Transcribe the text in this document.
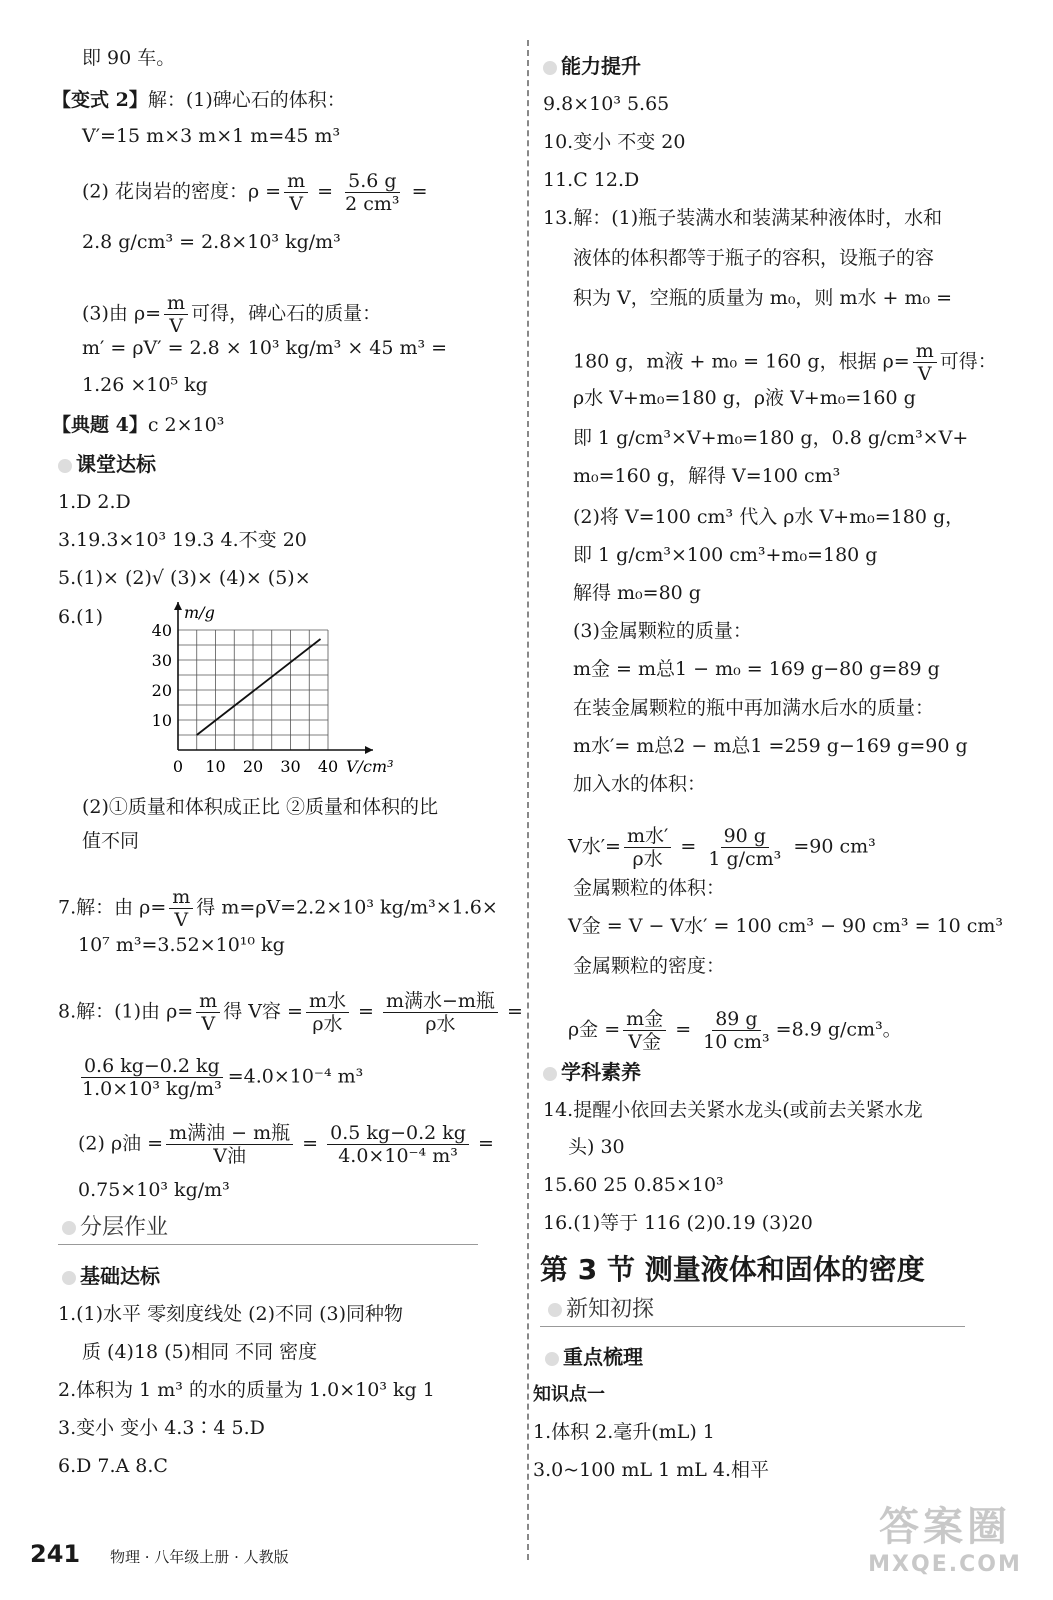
即 90 车。
【变式 2】解：(1)碑心石的体积：
V′=15 m×3 m×1 m=45 m³
(2) 花岗岩的密度：$\rho = \frac{m}{V} = \frac{5.6 g}{\text{2 cm³}}$ =
2.8 g/cm³ = 2.8×10³ kg/m³
(3)由 $\rho= \frac{m}{V}$ 可得，碑心石的质量：
m′ = ρV′ = 2.8 × 10³ kg/m³ × 45 m³ =
1.26 ×10⁵ kg
【典题 4】c 2×10³
课堂达标
1.D 2.D
3.19.3×10³ 19.3 4.不变 20
5.(1)× (2)√ (3)× (4)× (5)×
6.(1)
0 10 20 30 40
10
20
30
40
m/g
V/cm³
(2)①质量和体积成正比 ②质量和体积的比
值不同
7.解：由 $\rho= \frac{m}{V}$ 得 m=ρV=2.2×10³ kg/m³×1.6×
10⁷ m³=3.52×10¹⁰ kg
8.解：(1)由 $\rho= \frac{m}{V}$ 得 V容 = $\frac{\text{m水}}{\text{ρ水}} = \frac{\text{m满水−m瓶}}{\text{ρ水}}$ =
$\frac{0.6 kg-0.2 kg}{\text{1.0×10³ kg/m³}} =4.0\times 10^{-4}$ m³
(2) ρ油 = $\frac{\text{m满油 − m瓶}}{\text{V油}} = \frac{0.5 kg-0.2 kg}{\text{4.0×10⁻⁴ m³}}$ =
0.75×10³ kg/m³
分层作业
基础达标
1.(1)水平 零刻度线处 (2)不同 (3)同种物
质 (4)18 (5)相同 不同 密度
2.体积为 1 m³ 的水的质量为 1.0×10³ kg 1
3.变小 变小 4.3∶4 5.D
6.D 7.A 8.C
能力提升
9.8×10³ 5.65
10.变小 不变 20
11.C 12.D
13.解：(1)瓶子装满水和装满某种液体时，水和
液体的体积都等于瓶子的容积，设瓶子的容
积为 V，空瓶的质量为 m₀，则 m水 + m₀ =
180 g，m液 + m₀ = 160 g，根据 $\rho= \frac{m}{V}$ 可得：
ρ水 V+m₀=180 g，ρ液 V+m₀=160 g
即 1 g/cm³×V+m₀=180 g，0.8 g/cm³×V+
m₀=160 g，解得 V=100 cm³
(2)将 V=100 cm³ 代入 ρ水 V+m₀=180 g，
即 1 g/cm³×100 cm³+m₀=180 g
解得 m₀=80 g
(3)金属颗粒的质量：
m金 = m总1 − m₀ = 169 g−80 g=89 g
在装金属颗粒的瓶中再加满水后水的质量：
m水′= m总2 − m总1 =259 g−169 g=90 g
加入水的体积：
V水′= $\frac{\text{m水′}}{\text{ρ水}} = \frac{90 g}{\text{1 g/cm³}} =90$ cm³
金属颗粒的体积：
V金 = V − V水′ = 100 cm³ − 90 cm³ = 10 cm³
金属颗粒的密度：
ρ金 = $\frac{\text{m金}}{\text{V金}} = \frac{89 g}{\text{10 cm³}} =8.9$ g/cm³。
学科素养
14.提醒小依回去关紧水龙头(或前去关紧水龙
头) 30
15.60 25 0.85×10³
16.(1)等于 116 (2)0.19 (3)20
第 3 节 测量液体和固体的密度
新知初探
重点梳理
知识点一
1.体积 2.毫升(mL) 1
3.0~100 mL 1 mL 4.相平
241 物理 · 八年级上册 · 人教版
答案圈
MXQE.COM
